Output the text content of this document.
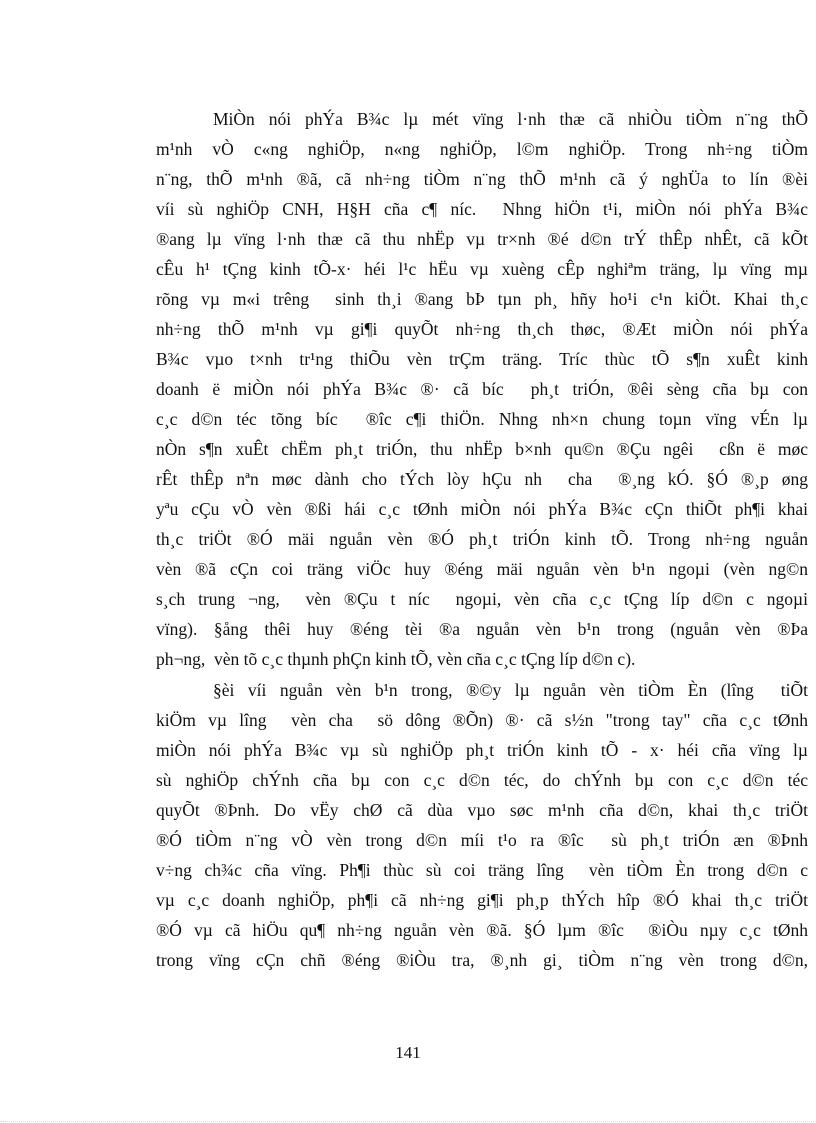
MiÒn nói phÝa B¾c lµ mét vïng l·nh thæ cã nhiÒu tiÒm n¨ng thÕ
m¹nh vÒ c«ng nghiÖp, n«ng nghiÖp, l©m nghiÖp. Trong nh÷ng tiÒm
n¨ng, thÕ m¹nh ®ã, cã nh÷ng tiÒm n¨ng thÕ m¹nh cã ý nghÜa to lín ®èi
víi sù nghiÖp CNH, H§H cña c¶ níc.  Nhng hiÖn t¹i, miÒn nói phÝa B¾c
®ang lµ vïng l·nh thæ cã thu nhËp vµ tr×nh ®é d©n trÝ thÊp nhÊt, cã kÕt
cÊu h¹ tÇng kinh tÕ-x· héi l¹c hËu vµ xuèng cÊp nghiªm träng, lµ vïng mµ
rõng vµ m«i trêng  sinh th¸i ®ang bÞ tµn ph¸ hñy ho¹i c¹n kiÖt. Khai th¸c
nh÷ng thÕ m¹nh vµ gi¶i quyÕt nh÷ng th¸ch thøc, ®Æt miÒn nói phÝa
B¾c vµo t×nh tr¹ng thiÕu vèn trÇm träng. Tríc thùc tÕ s¶n xuÊt kinh
doanh ë miÒn nói phÝa B¾c ®· cã bíc  ph¸t triÓn, ®êi sèng cña bµ con
c¸c d©n téc tõng bíc  ®îc c¶i thiÖn. Nhng nh×n chung toµn vïng vÉn lµ
nÒn s¶n xuÊt chËm ph¸t triÓn, thu nhËp b×nh qu©n ®Çu ngêi  cßn ë møc
rÊt thÊp nªn møc dành cho tÝch lòy hÇu nh  cha  ®¸ng kÓ. §Ó ®¸p øng
yªu cÇu vÒ vèn ®ßi hái c¸c tØnh miÒn nói phÝa B¾c cÇn thiÕt ph¶i khai
th¸c triÖt ®Ó mäi nguån vèn ®Ó ph¸t triÓn kinh tÕ. Trong nh÷ng nguån
vèn ®ã cÇn coi träng viÖc huy ®éng mäi nguån vèn b¹n ngoµi (vèn ng©n
s¸ch trung ¬ng,  vèn ®Çu t níc  ngoµi, vèn cña c¸c tÇng líp d©n c ngoµi
vïng). §ång thêi huy ®éng tèi ®a nguån vèn b¹n trong (nguån vèn ®Þa
ph¬ng,  vèn tõ c¸c thµnh phÇn kinh tÕ, vèn cña c¸c tÇng líp d©n c).
§èi víi nguån vèn b¹n trong, ®©y lµ nguån vèn tiÒm Èn (lîng  tiÕt
kiÖm vµ lîng  vèn cha  sö dông ®Õn) ®· cã s½n "trong tay" cña c¸c tØnh
miÒn nói phÝa B¾c vµ sù nghiÖp ph¸t triÓn kinh tÕ - x· héi cña vïng lµ
sù nghiÖp chÝnh cña bµ con c¸c d©n téc, do chÝnh bµ con c¸c d©n téc
quyÕt ®Þnh. Do vËy chØ cã dùa vµo søc m¹nh cña d©n, khai th¸c triÖt
®Ó tiÒm n¨ng vÒ vèn trong d©n míi t¹o ra ®îc  sù ph¸t triÓn æn ®Þnh
v÷ng ch¾c cña vïng. Ph¶i thùc sù coi träng lîng  vèn tiÒm Èn trong d©n c
vµ c¸c doanh nghiÖp, ph¶i cã nh÷ng gi¶i ph¸p thÝch hîp ®Ó khai th¸c triÖt
®Ó vµ cã hiÖu qu¶ nh÷ng nguån vèn ®ã. §Ó lµm ®îc  ®iÒu nµy c¸c tØnh
trong vïng cÇn chñ ®éng ®iÒu tra, ®¸nh gi¸ tiÒm n¨ng vèn trong d©n,
141
